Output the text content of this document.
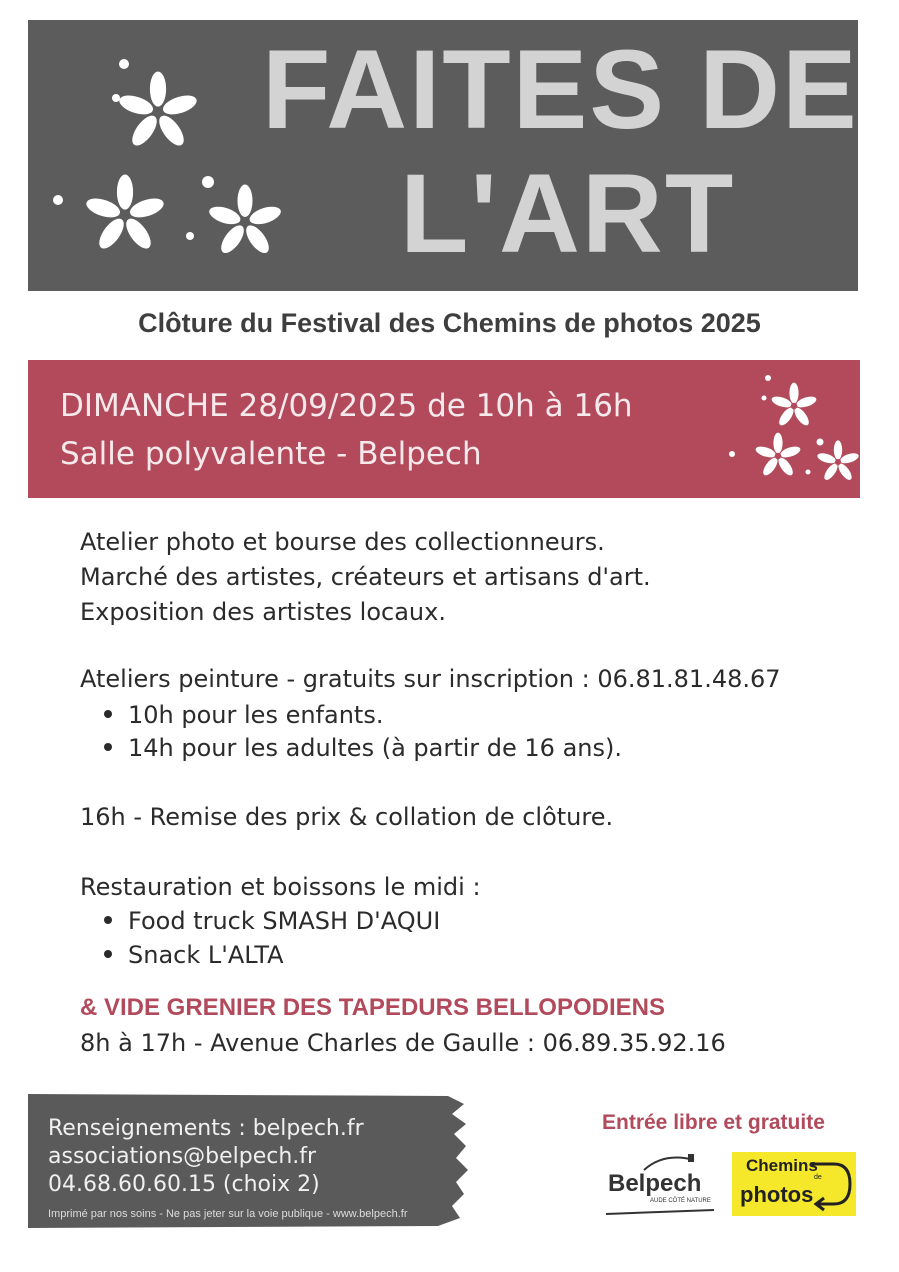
FAITES DE
L'ART
Clôture du Festival des Chemins de photos 2025
DIMANCHE 28/09/2025 de 10h à 16h
Salle polyvalente - Belpech
Atelier photo et bourse des collectionneurs.
Marché des artistes, créateurs et artisans d'art.
Exposition des artistes locaux.
Ateliers peinture - gratuits sur inscription : 06.81.81.48.67
10h pour les enfants.
14h pour les adultes (à partir de 16 ans).
16h - Remise des prix & collation de clôture.
Restauration et boissons le midi :
Food truck SMASH D'AQUI
Snack L'ALTA
& VIDE GRENIER DES TAPEDURS BELLOPODIENS
8h à 17h - Avenue Charles de Gaulle : 06.89.35.92.16
Renseignements : belpech.fr
associations@belpech.fr
04.68.60.60.15 (choix 2)
Imprimé par nos soins - Ne pas jeter sur la voie publique - www.belpech.fr
Entrée libre et gratuite
Belpech
AUDE CÔTÉ NATURE
Chemins
de
photos
